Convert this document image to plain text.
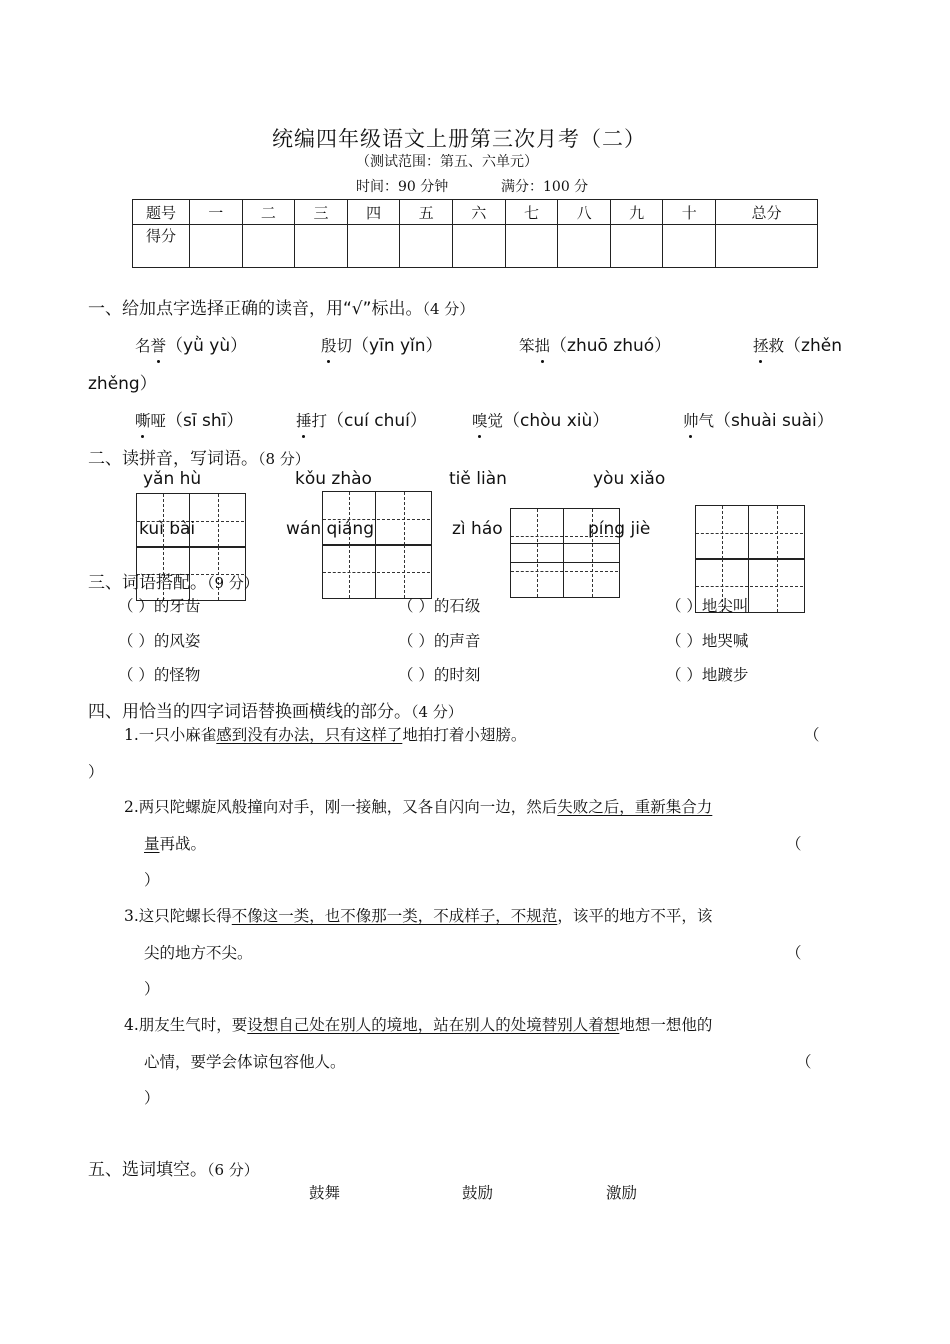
统编四年级语文上册第三次月考（二）
（测试范围：第五、六单元）
时间：90 分钟	满分：100 分
题号	一	二	三	四	五	六	七	八	九	十	总分
得分											
一、给加点字选择正确的读音，用“√”标出。（4 分）
名誉（yǜ yù）	殷切（yīn yǐn）	笨拙（zhuō zhuó）	拯救（zhěn
zhěng）
嘶哑（sī shī）	捶打（cuí chuí）	嗅觉（chòu xiù）	帅气（shuài suài）
二、读拼音，写词语。（8 分）
yǎn hù	kǒu zhào	tiě liàn	yòu xiǎo
kuì bài	wán qiáng	zì háo	píng jiè
三、词语搭配。（9 分）
（ ）的牙齿	（ ）的石级	（ ）地尖叫
（ ）的风姿	（ ）的声音	（ ）地哭喊
（ ）的怪物	（ ）的时刻	（ ）地踱步
四、用恰当的四字词语替换画横线的部分。（4 分）
1.一只小麻雀感到没有办法，只有这样了地拍打着小翅膀。	（
）
2.两只陀螺旋风般撞向对手，刚一接触，又各自闪向一边，然后失败之后，重新集合力
量再战。	（
）
3.这只陀螺长得不像这一类，也不像那一类，不成样子，不规范，该平的地方不平，该
尖的地方不尖。	（
）
4.朋友生气时，要设想自己处在别人的境地，站在别人的处境替别人着想地想一想他的
心情，要学会体谅包容他人。	（
）
五、选词填空。（6 分）
鼓舞	鼓励	激励
